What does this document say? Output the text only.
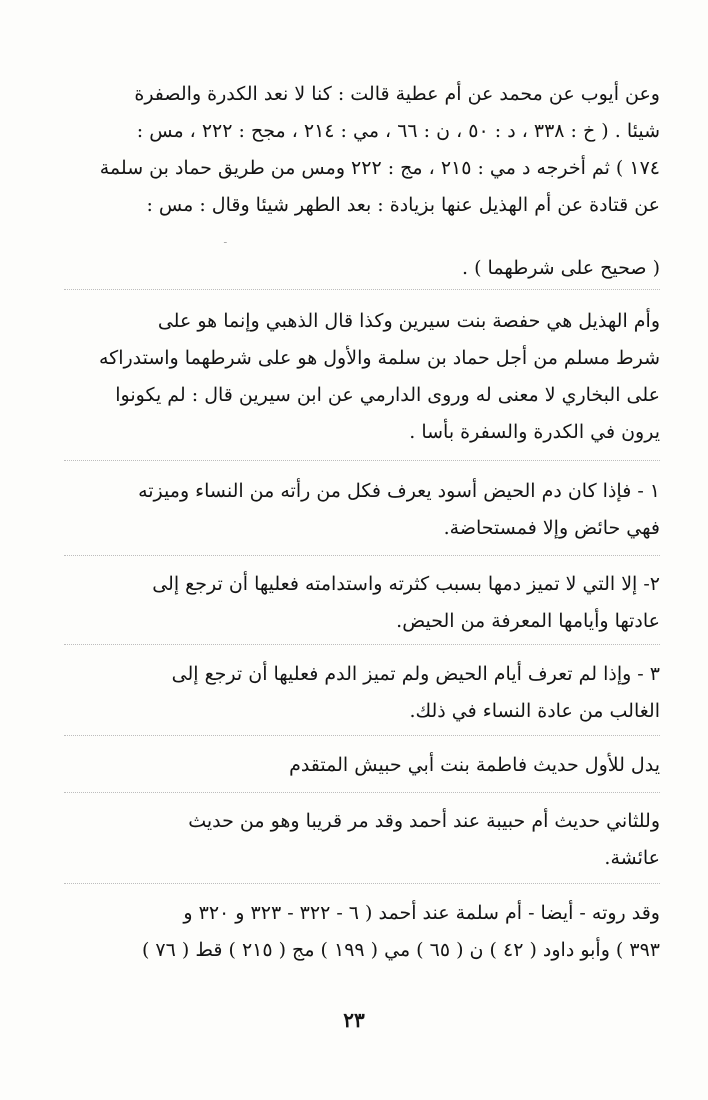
ـ

وعن أيوب عن محمد عن أم عطية قالت : كنا لا نعد الكدرة والصفرة

شيئا . ( خ : ٣٣٨ ، د : ٥٠ ، ن : ٦٦ ، مي : ٢١٤ ، مجح : ٢٢٢ ، مس :

١٧٤ ) ثم أخرجه د مي : ٢١٥ ، مج : ٢٢٢ ومس من طريق حماد بن سلمة

عن قتادة عن أم الهذيل عنها بزيادة : بعد الطهر شيئا وقال : مس :

( صحيح على شرطهما ) .

وأم الهذيل هي حفصة بنت سيرين وكذا قال الذهبي وإنما هو على

شرط مسلم من أجل حماد بن سلمة والأول هو على شرطهما واستدراكه

على البخاري لا معنى له وروى الدارمي عن ابن سيرين قال : لم يكونوا

يرون في الكدرة والسفرة بأسا .

١ - فإذا كان دم الحيض أسود يعرف فكل من رأته من النساء وميزته

فهي حائض وإلا فمستحاضة.

٢- إلا التي لا تميز دمها بسبب كثرته واستدامته فعليها أن ترجع إلى

عادتها وأيامها المعرفة من الحيض.

٣ - وإذا لم تعرف أيام الحيض ولم تميز الدم فعليها أن ترجع إلى

الغالب من عادة النساء في ذلك.

يدل للأول حديث فاطمة بنت أبي حبيش المتقدم

وللثاني حديث أم حبيبة عند أحمد وقد مر قريبا وهو من حديث

عائشة.

وقد روته - أيضا - أم سلمة عند أحمد ( ٦ - ٣٢٢ - ٣٢٣ و ٣٢٠ و

٣٩٣ ) وأبو داود ( ٤٢ ) ن ( ٦٥ ) مي ( ١٩٩ ) مج ( ٢١٥ ) قط ( ٧٦ )

٢٣
